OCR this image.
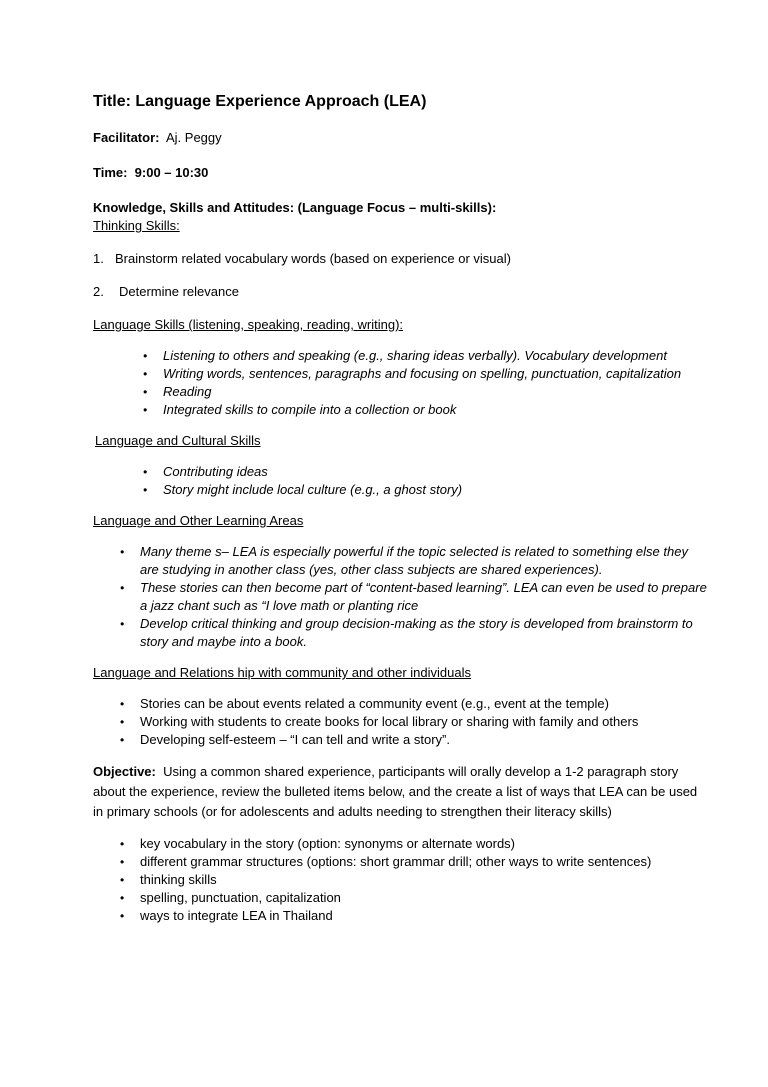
Title: Language Experience Approach (LEA)

Facilitator: Aj. Peggy

Time: 9:00 – 10:30

Knowledge, Skills and Attitudes: (Language Focus – multi-skills):

Thinking Skills:

1. Brainstorm related vocabulary words (based on experience or visual)

2. Determine relevance

Language Skills (listening, speaking, reading, writing):

• Listening to others and speaking (e.g., sharing ideas verbally). Vocabulary development
• Writing words, sentences, paragraphs and focusing on spelling, punctuation, capitalization
• Reading
• Integrated skills to compile into a collection or book

Language and Cultural Skills

• Contributing ideas
• Story might include local culture (e.g., a ghost story)

Language and Other Learning Areas

• Many theme s– LEA is especially powerful if the topic selected is related to something else they are studying in another class (yes, other class subjects are shared experiences).
• These stories can then become part of “content-based learning”. LEA can even be used to prepare a jazz chant such as “I love math or planting rice
• Develop critical thinking and group decision-making as the story is developed from brainstorm to story and maybe into a book.

Language and Relations hip with community and other individuals

• Stories can be about events related a community event (e.g., event at the temple)
• Working with students to create books for local library or sharing with family and others
• Developing self-esteem – “I can tell and write a story”.

Objective: Using a common shared experience, participants will orally develop a 1-2 paragraph story about the experience, review the bulleted items below, and the create a list of ways that LEA can be used in primary schools (or for adolescents and adults needing to strengthen their literacy skills)

• key vocabulary in the story (option: synonyms or alternate words)
• different grammar structures (options: short grammar drill; other ways to write sentences)
• thinking skills
• spelling, punctuation, capitalization
• ways to integrate LEA in Thailand
